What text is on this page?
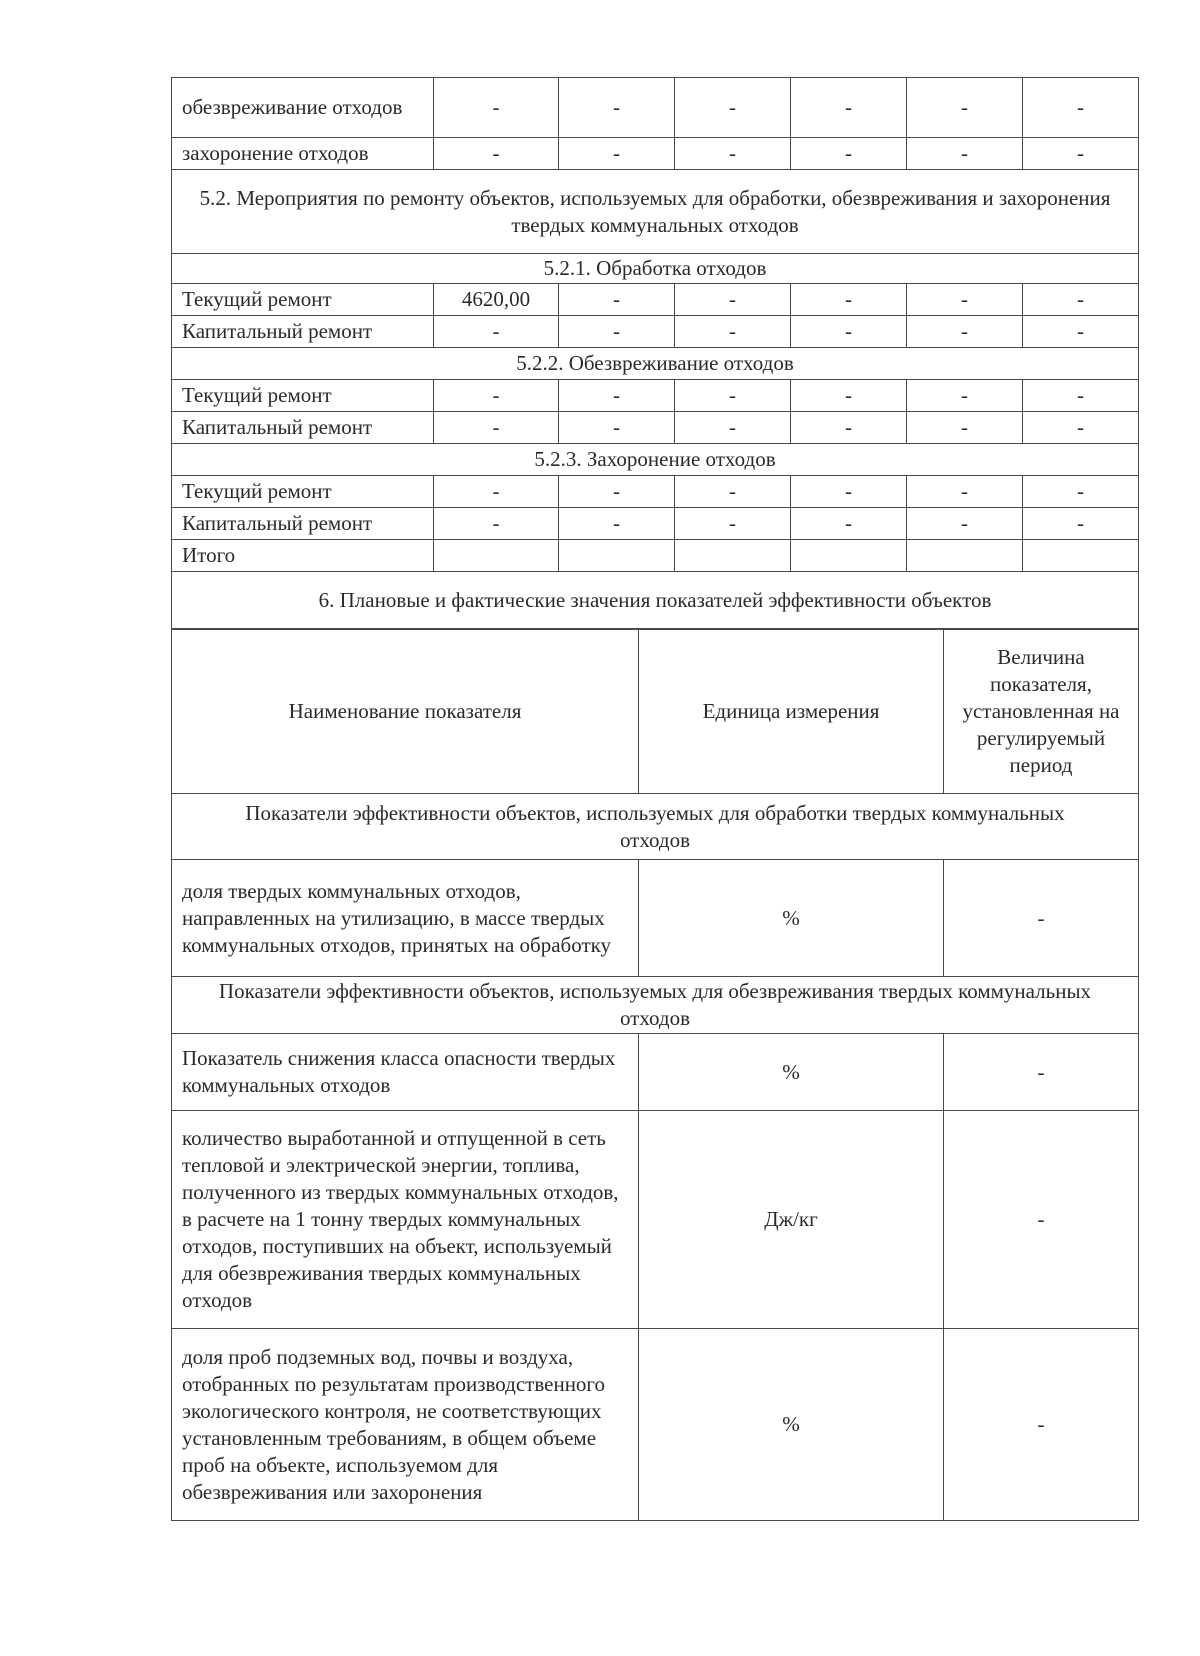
обезвреживание отходов	-	-	-	-	-	-
захоронение отходов	-	-	-	-	-	-
5.2. Мероприятия по ремонту объектов, используемых для обработки, обезвреживания и захоронения твердых коммунальных отходов						
5.2.1. Обработка отходов						
Текущий ремонт	4620,00	-	-	-	-	-
Капитальный ремонт	-	-	-	-	-	-
5.2.2. Обезвреживание отходов						
Текущий ремонт	-	-	-	-	-	-
Капитальный ремонт	-	-	-	-	-	-
5.2.3. Захоронение отходов						
Текущий ремонт	-	-	-	-	-	-
Капитальный ремонт	-	-	-	-	-	-
Итого						
6. Плановые и фактические значения показателей эффективности объектов						
Наименование показателя	Единица измерения	Величина показателя, установленная на регулируемый период
Показатели эффективности объектов, используемых для обработки твердых коммунальных отходов		
доля твердых коммунальных отходов, направленных на утилизацию, в массе твердых коммунальных отходов, принятых на обработку	%	-
Показатели эффективности объектов, используемых для обезвреживания твердых коммунальных отходов		
Показатель снижения класса опасности твердых коммунальных отходов	%	-
количество выработанной и отпущенной в сеть тепловой и электрической энергии, топлива, полученного из твердых коммунальных отходов, в расчете на 1 тонну твердых коммунальных отходов, поступивших на объект, используемый для обезвреживания твердых коммунальных отходов	Дж/кг	-
доля проб подземных вод, почвы и воздуха, отобранных по результатам производственного экологического контроля, не соответствующих установленным требованиям, в общем объеме проб на объекте, используемом для обезвреживания или захоронения	%	-
